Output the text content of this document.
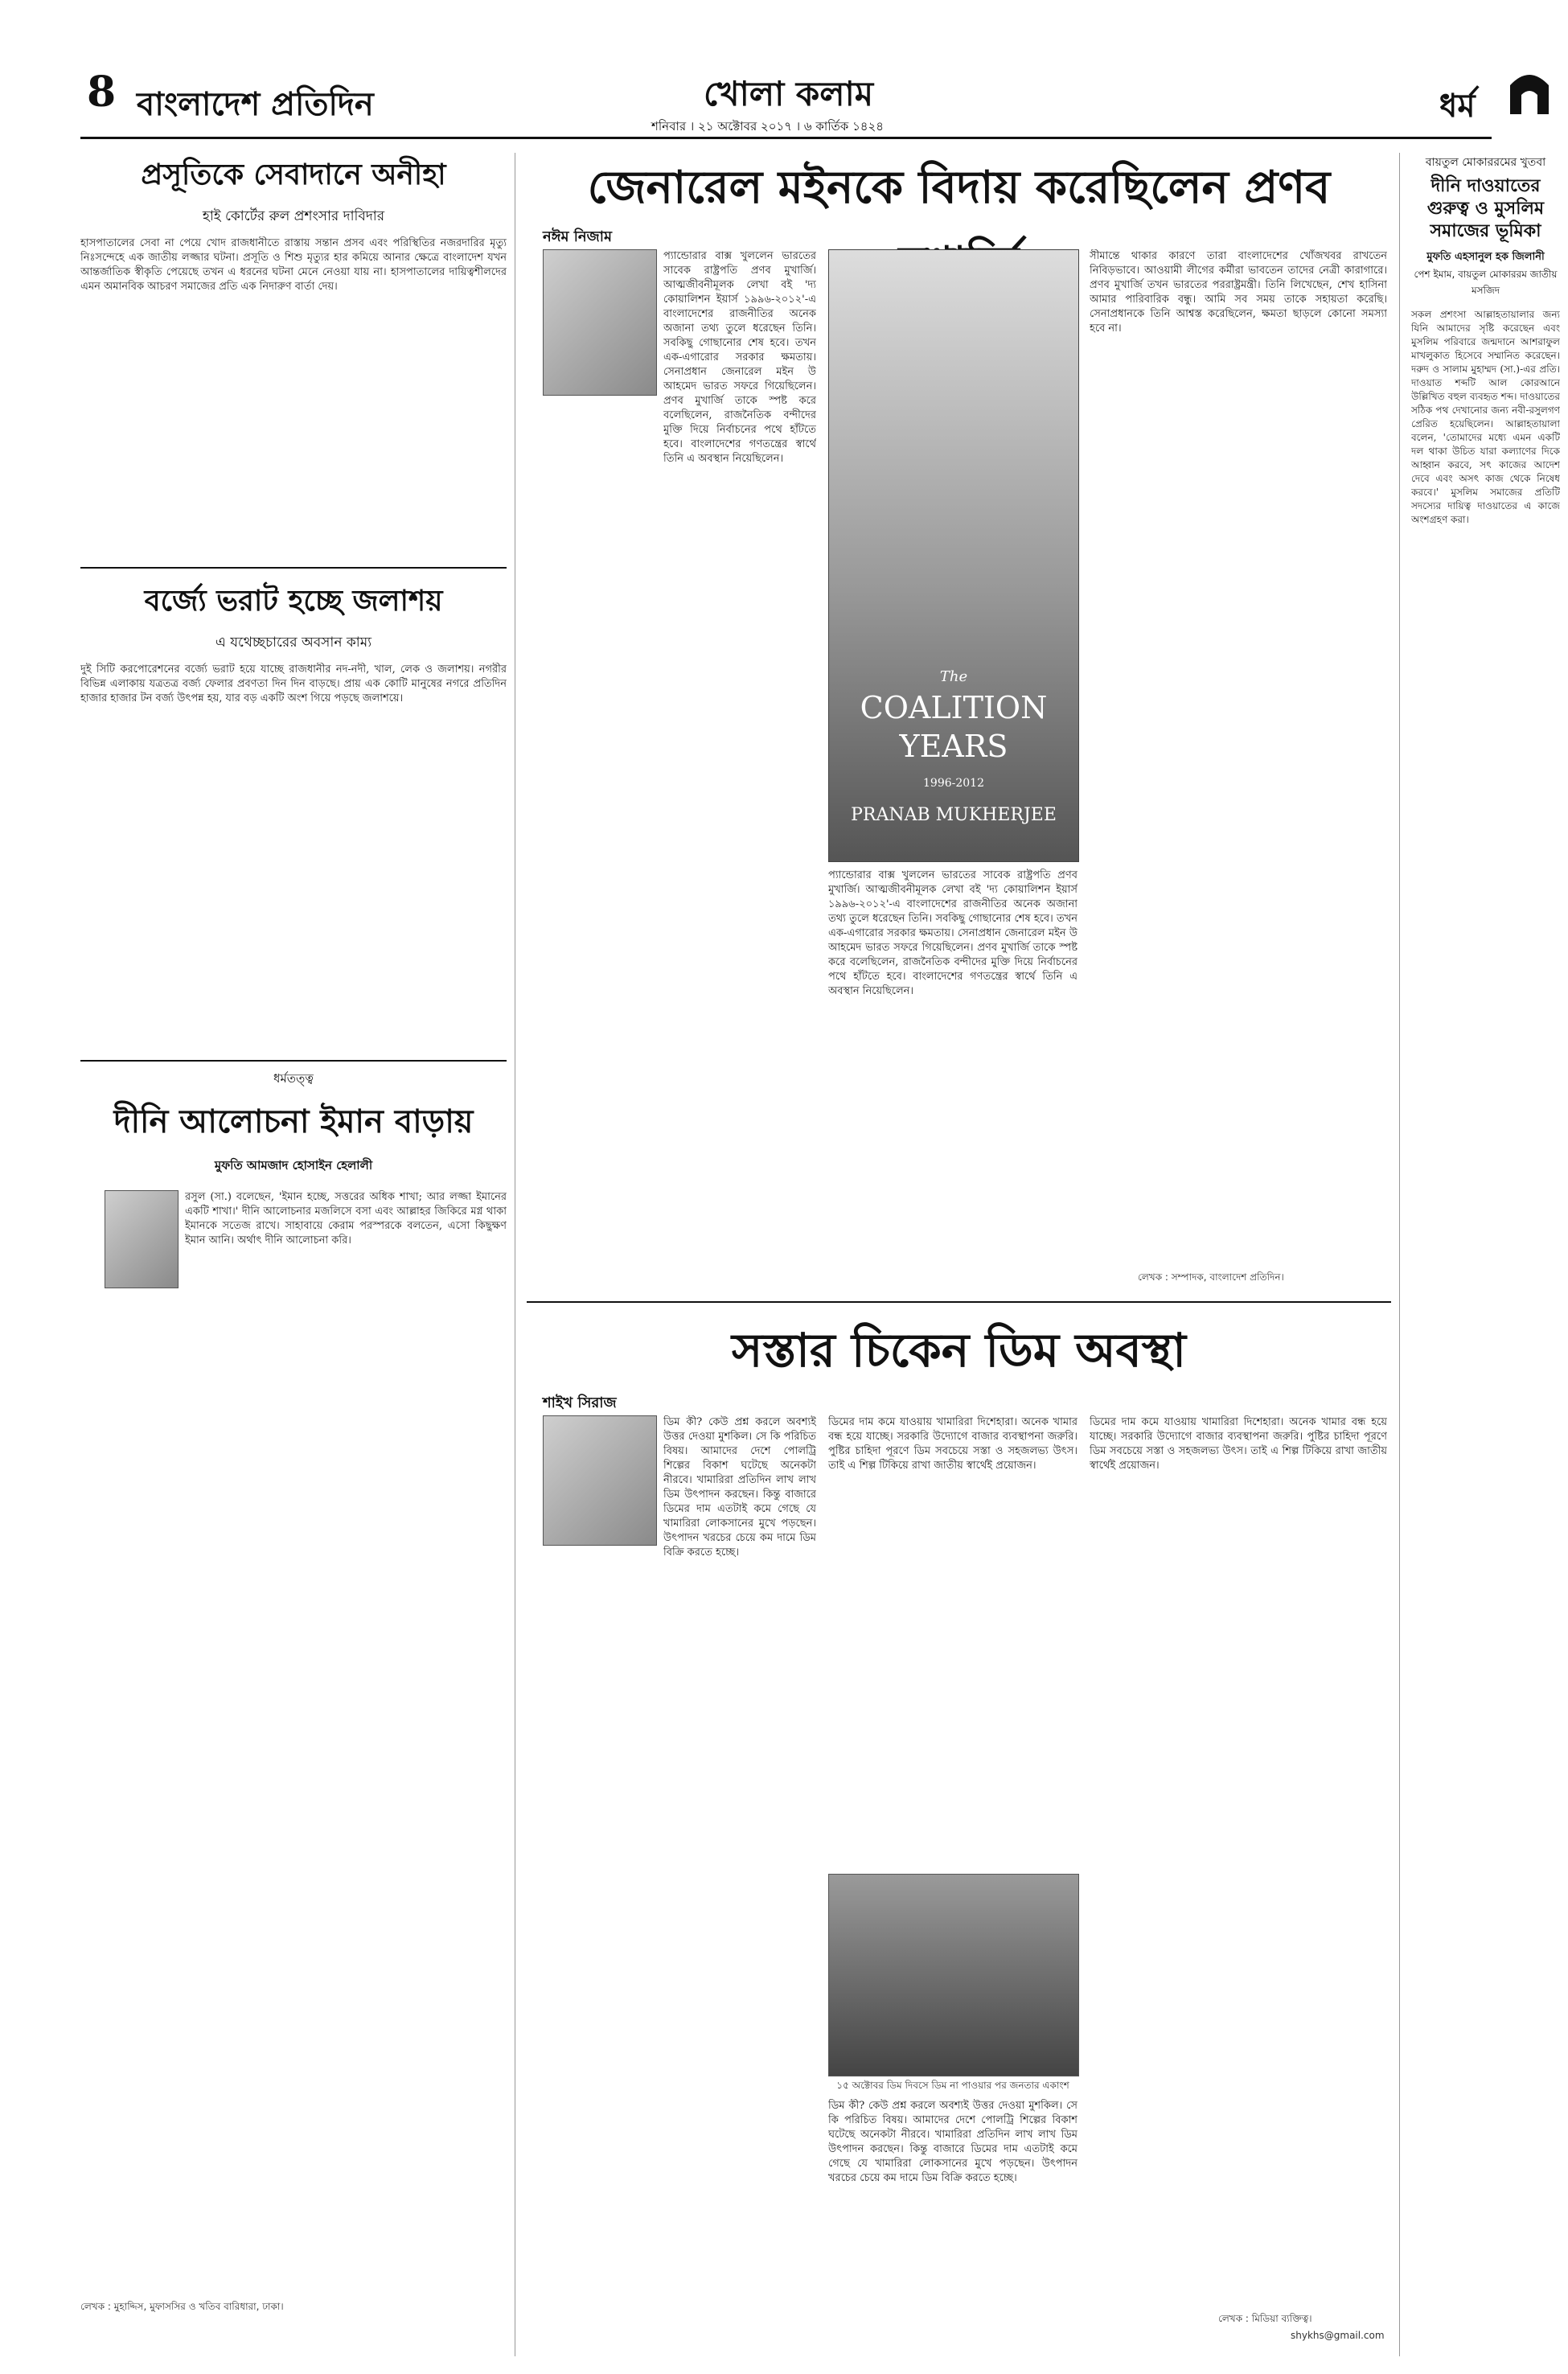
8 বাংলাদেশ প্রতিদিন	খোলা কলাম
শনিবার । ২১ অক্টোবর ২০১৭ । ৬ কার্তিক ১৪২৪
ধর্ম
প্রসূতিকে সেবাদানে অনীহা
হাই কোর্টের রুল প্রশংসার দাবিদার
হাসপাতালের সেবা না পেয়ে খোদ রাজধানীতে রাস্তায় সন্তান প্রসব এবং পরিস্থিতির নজরদারির মৃত্যু নিঃসন্দেহে এক জাতীয় লজ্জার ঘটনা। প্রসূতি ও শিশু মৃত্যুর হার কমিয়ে আনার ক্ষেত্রে বাংলাদেশ যখন আন্তর্জাতিক স্বীকৃতি পেয়েছে তখন এ ধরনের ঘটনা মেনে নেওয়া যায় না। হাসপাতালের দায়িত্বশীলদের এমন অমানবিক আচরণ সমাজের প্রতি এক নিদারুণ বার্তা দেয়।
বর্জ্যে ভরাট হচ্ছে জলাশয়
এ যথেচ্ছচারের অবসান কাম্য
দুই সিটি করপোরেশনের বর্জ্যে ভরাট হয়ে যাচ্ছে রাজধানীর নদ-নদী, খাল, লেক ও জলাশয়। নগরীর বিভিন্ন এলাকায় যত্রতত্র বর্জ্য ফেলার প্রবণতা দিন দিন বাড়ছে। প্রায় এক কোটি মানুষের নগরে প্রতিদিন হাজার হাজার টন বর্জ্য উৎপন্ন হয়, যার বড় একটি অংশ গিয়ে পড়ছে জলাশয়ে।
ধর্মতত্ত্ব
দীনি আলোচনা ইমান বাড়ায়
মুফতি আমজাদ হোসাইন হেলালী
রসুল (সা.) বলেছেন, 'ইমান হচ্ছে, সত্তরের অধিক শাখা; আর লজ্জা ইমানের একটি শাখা।' দীনি আলোচনার মজলিসে বসা এবং আল্লাহর জিকিরে মগ্ন থাকা ইমানকে সতেজ রাখে। সাহাবায়ে কেরাম পরস্পরকে বলতেন, এসো কিছুক্ষণ ইমান আনি। অর্থাৎ দীনি আলোচনা করি।
লেখক : মুহাদ্দিস, মুফাসসির ও খতিব বারিধারা, ঢাকা।
জেনারেল মইনকে বিদায় করেছিলেন প্রণব
নঈম নিজাম
প্যান্ডোরার বাক্স খুললেন ভারতের সাবেক রাষ্ট্রপতি প্রণব মুখার্জি। আত্মজীবনীমূলক লেখা বই 'দ্য কোয়ালিশন ইয়ার্স ১৯৯৬-২০১২'-এ বাংলাদেশের রাজনীতির অনেক অজানা তথ্য তুলে ধরেছেন তিনি। সবকিছু গোছানোর শেষ হবে। তখন এক-এগারোর সরকার ক্ষমতায়। সেনাপ্রধান জেনারেল মইন উ আহমেদ ভারত সফরে গিয়েছিলেন। প্রণব মুখার্জি তাকে স্পষ্ট করে বলেছিলেন, রাজনৈতিক বন্দীদের মুক্তি দিয়ে নির্বাচনের পথে হাঁটতে হবে। বাংলাদেশের গণতন্ত্রের স্বার্থে তিনি এ অবস্থান নিয়েছিলেন।
সীমান্তে থাকার কারণে তারা বাংলাদেশের খোঁজখবর রাখতেন নিবিড়ভাবে। আওয়ামী লীগের কর্মীরা ভাবতেন তাদের নেত্রী কারাগারে। প্রণব মুখার্জি তখন ভারতের পররাষ্ট্রমন্ত্রী। তিনি লিখেছেন, শেখ হাসিনা আমার পারিবারিক বন্ধু। আমি সব সময় তাকে সহায়তা করেছি। সেনাপ্রধানকে তিনি আশ্বস্ত করেছিলেন, ক্ষমতা ছাড়লে কোনো সমস্যা হবে না।
The
COALITION YEARS
1996-2012
PRANAB MUKHERJEE
প্যান্ডোরার বাক্স খুললেন ভারতের সাবেক রাষ্ট্রপতি প্রণব মুখার্জি। আত্মজীবনীমূলক লেখা বই 'দ্য কোয়ালিশন ইয়ার্স ১৯৯৬-২০১২'-এ বাংলাদেশের রাজনীতির অনেক অজানা তথ্য তুলে ধরেছেন তিনি। সবকিছু গোছানোর শেষ হবে। তখন এক-এগারোর সরকার ক্ষমতায়। সেনাপ্রধান জেনারেল মইন উ আহমেদ ভারত সফরে গিয়েছিলেন। প্রণব মুখার্জি তাকে স্পষ্ট করে বলেছিলেন, রাজনৈতিক বন্দীদের মুক্তি দিয়ে নির্বাচনের পথে হাঁটতে হবে। বাংলাদেশের গণতন্ত্রের স্বার্থে তিনি এ অবস্থান নিয়েছিলেন।
লেখক : সম্পাদক, বাংলাদেশ প্রতিদিন।
সস্তার চিকেন ডিম অবস্থা
শাইখ সিরাজ
ডিম কী? কেউ প্রশ্ন করলে অবশ্যই উত্তর দেওয়া মুশকিল। সে কি পরিচিত বিষয়। আমাদের দেশে পোলট্রি শিল্পের বিকাশ ঘটেছে অনেকটা নীরবে। খামারিরা প্রতিদিন লাখ লাখ ডিম উৎপাদন করছেন। কিন্তু বাজারে ডিমের দাম এতটাই কমে গেছে যে খামারিরা লোকসানের মুখে পড়ছেন। উৎপাদন খরচের চেয়ে কম দামে ডিম বিক্রি করতে হচ্ছে।
ডিমের দাম কমে যাওয়ায় খামারিরা দিশেহারা। অনেক খামার বন্ধ হয়ে যাচ্ছে। সরকারি উদ্যোগে বাজার ব্যবস্থাপনা জরুরি। পুষ্টির চাহিদা পূরণে ডিম সবচেয়ে সস্তা ও সহজলভ্য উৎস। তাই এ শিল্প টিকিয়ে রাখা জাতীয় স্বার্থেই প্রয়োজন।
ডিমের দাম কমে যাওয়ায় খামারিরা দিশেহারা। অনেক খামার বন্ধ হয়ে যাচ্ছে। সরকারি উদ্যোগে বাজার ব্যবস্থাপনা জরুরি। পুষ্টির চাহিদা পূরণে ডিম সবচেয়ে সস্তা ও সহজলভ্য উৎস। তাই এ শিল্প টিকিয়ে রাখা জাতীয় স্বার্থেই প্রয়োজন।
১৫ অক্টোবর ডিম দিবসে ডিম না পাওয়ার পর জনতার একাংশ
ডিম কী? কেউ প্রশ্ন করলে অবশ্যই উত্তর দেওয়া মুশকিল। সে কি পরিচিত বিষয়। আমাদের দেশে পোলট্রি শিল্পের বিকাশ ঘটেছে অনেকটা নীরবে। খামারিরা প্রতিদিন লাখ লাখ ডিম উৎপাদন করছেন। কিন্তু বাজারে ডিমের দাম এতটাই কমে গেছে যে খামারিরা লোকসানের মুখে পড়ছেন। উৎপাদন খরচের চেয়ে কম দামে ডিম বিক্রি করতে হচ্ছে।
লেখক : মিডিয়া ব্যক্তিত্ব।
shykhs@gmail.com
বায়তুল মোকাররমের খুতবা
দীনি দাওয়াতের গুরুত্ব ও মুসলিম সমাজের ভূমিকা
মুফতি এহসানুল হক জিলানী
পেশ ইমাম, বায়তুল মোকাররম জাতীয় মসজিদ
সকল প্রশংসা আল্লাহতায়ালার জন্য যিনি আমাদের সৃষ্টি করেছেন এবং মুসলিম পরিবারে জন্মদানে আশরাফুল মাখলুকাত হিসেবে সম্মানিত করেছেন। দরুদ ও সালাম মুহাম্মদ (সা.)-এর প্রতি। দাওয়াত শব্দটি আল কোরআনে উল্লিখিত বহুল ব্যবহৃত শব্দ। দাওয়াতের সঠিক পথ দেখানোর জন্য নবী-রসুলগণ প্রেরিত হয়েছিলেন। আল্লাহতায়ালা বলেন, 'তোমাদের মধ্যে এমন একটি দল থাকা উচিত যারা কল্যাণের দিকে আহ্বান করবে, সৎ কাজের আদেশ দেবে এবং অসৎ কাজ থেকে নিষেধ করবে।' মুসলিম সমাজের প্রতিটি সদস্যের দায়িত্ব দাওয়াতের এ কাজে অংশগ্রহণ করা।
